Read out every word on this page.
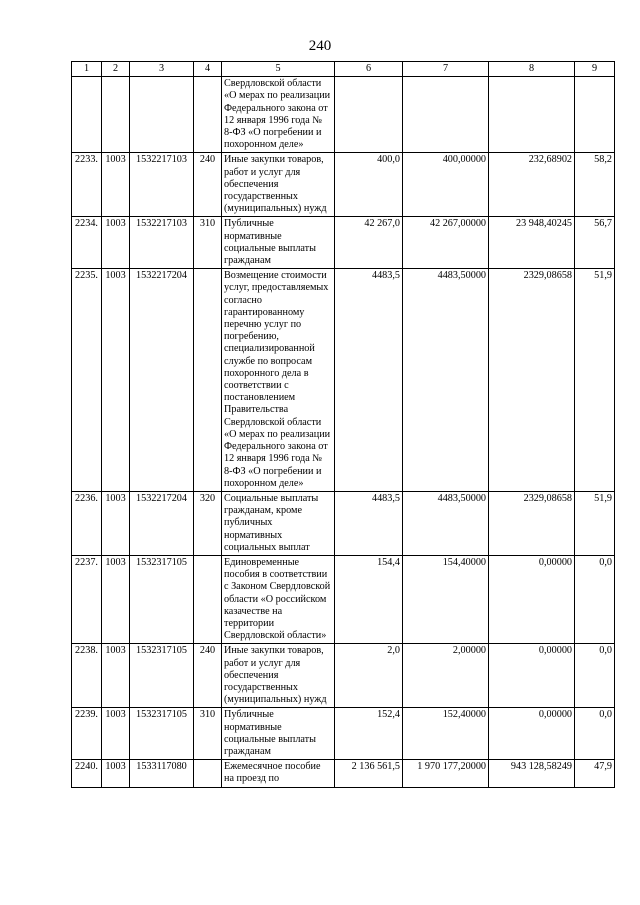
240
1	2	3	4	5	6	7	8	9
				Свердловской области «О мерах по реализации Федерального закона от 12 января 1996 года № 8-ФЗ «О погребении и похоронном деле»				
2233.	1003	1532217103	240	Иные закупки товаров, работ и услуг для обеспечения государственных (муниципальных) нужд	400,0	400,00000	232,68902	58,2
2234.	1003	1532217103	310	Публичные нормативные социальные выплаты гражданам	42 267,0	42 267,00000	23 948,40245	56,7
2235.	1003	1532217204		Возмещение стоимости услуг, предоставляемых согласно гарантированному перечню услуг по погребению, специализированной службе по вопросам похоронного дела в соответствии с постановлением Правительства Свердловской области «О мерах по реализации Федерального закона от 12 января 1996 года № 8-ФЗ «О погребении и похоронном деле»	4483,5	4483,50000	2329,08658	51,9
2236.	1003	1532217204	320	Социальные выплаты гражданам, кроме публичных нормативных социальных выплат	4483,5	4483,50000	2329,08658	51,9
2237.	1003	1532317105		Единовременные пособия в соответствии с Законом Свердловской области «О российском казачестве на территории Свердловской области»	154,4	154,40000	0,00000	0,0
2238.	1003	1532317105	240	Иные закупки товаров, работ и услуг для обеспечения государственных (муниципальных) нужд	2,0	2,00000	0,00000	0,0
2239.	1003	1532317105	310	Публичные нормативные социальные выплаты гражданам	152,4	152,40000	0,00000	0,0
2240.	1003	1533117080		Ежемесячное пособие на проезд по	2 136 561,5	1 970 177,20000	943 128,58249	47,9
